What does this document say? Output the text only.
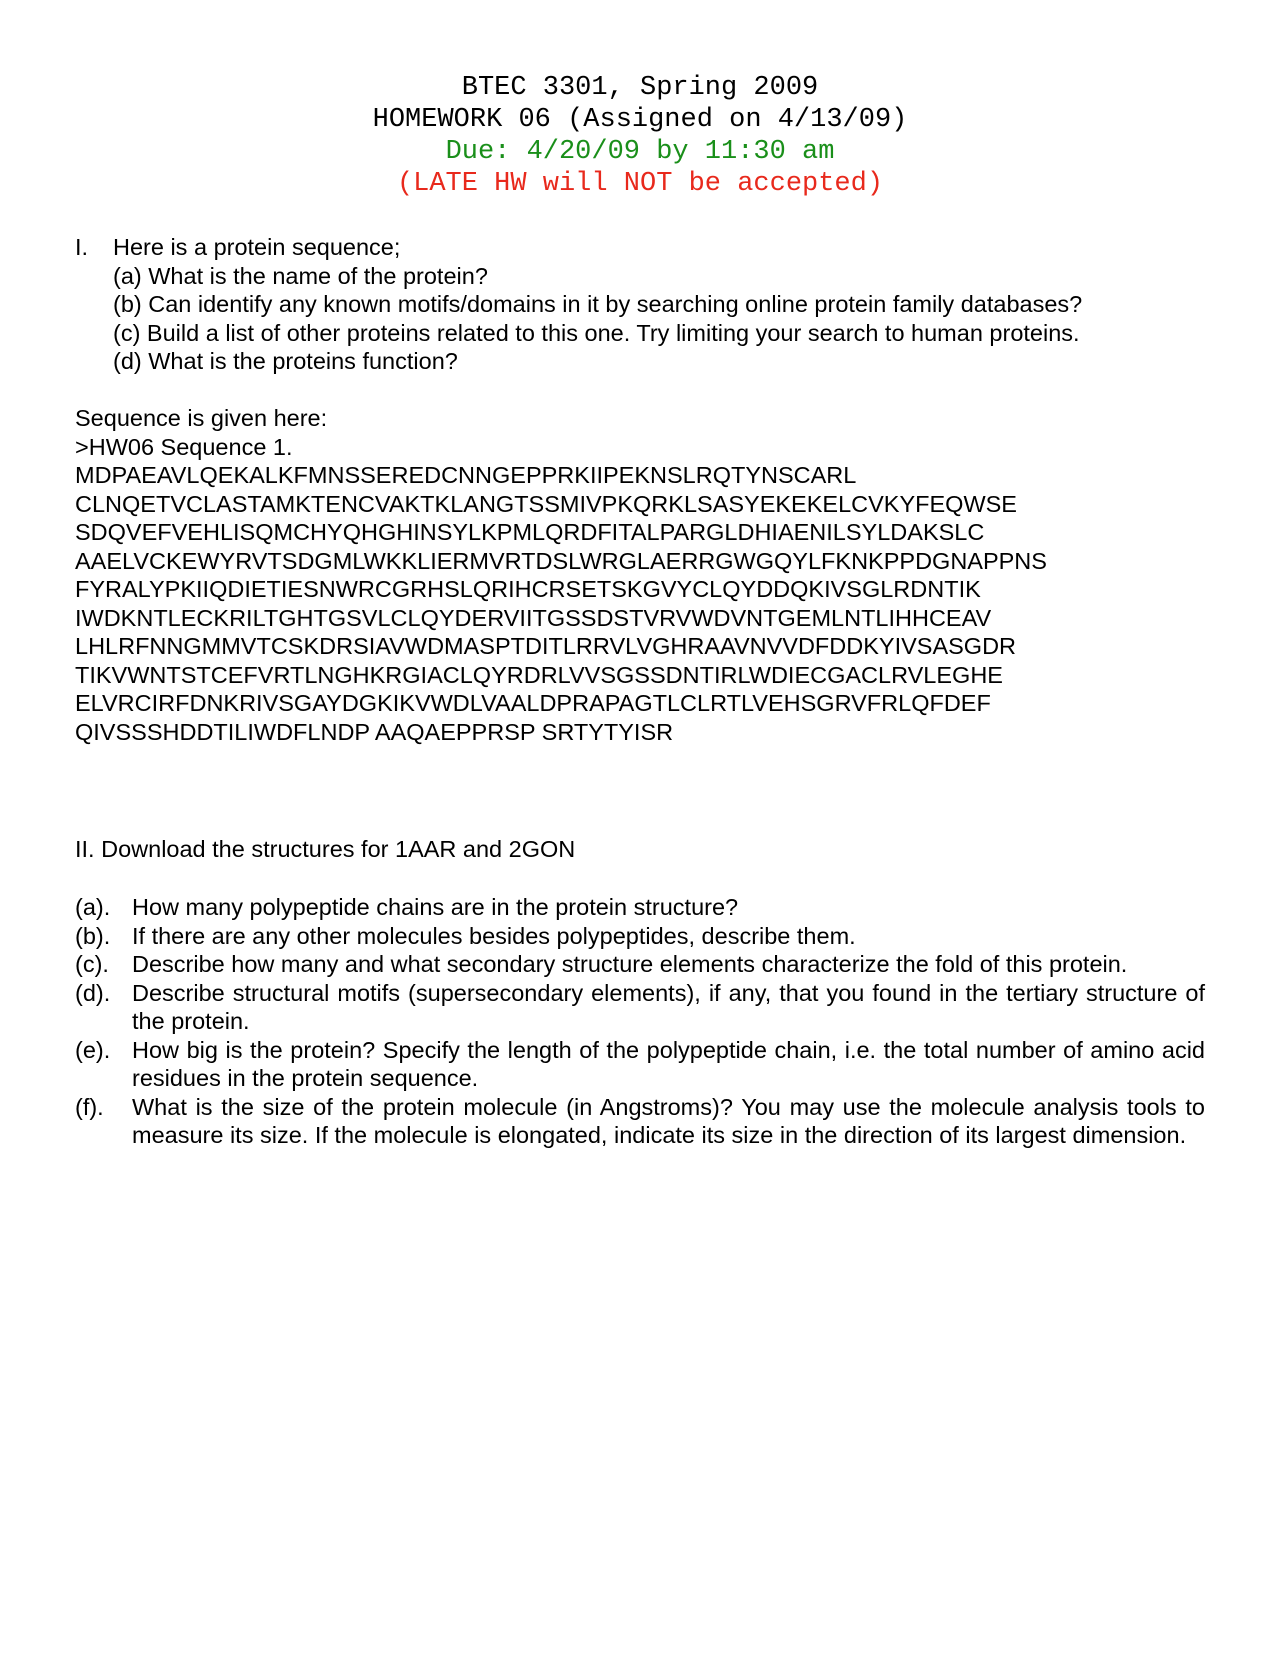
BTEC 3301, Spring 2009
HOMEWORK 06 (Assigned on 4/13/09)
Due: 4/20/09 by 11:30 am
(LATE HW will NOT be accepted)
I.	Here is a protein sequence;
(a) What is the name of the protein?
(b) Can identify any known motifs/domains in it by searching online protein family databases?
(c) Build a list of other proteins related to this one. Try limiting your search to human proteins.
(d) What is the proteins function?
Sequence is given here:
>HW06 Sequence 1.
MDPAEAVLQEKALKFMNSSEREDCNNGEPPRKIIPEKNSLRQTYNSCARL
CLNQETVCLASTAMKTENCVAKTKLANGTSSMIVPKQRKLSASYEKEKELCVKYFEQWSE
SDQVEFVEHLISQMCHYQHGHINSYLKPMLQRDFITALPARGLDHIAENILSYLDAKSLC
AAELVCKEWYRVTSDGMLWKKLIERMVRTDSLWRGLAERRGWGQYLFKNKPPDGNAPPNS
FYRALYPKIIQDIETIESNWRCGRHSLQRIHCRSETSKGVYCLQYDDQKIVSGLRDNTIK
IWDKNTLECKRILTGHTGSVLCLQYDERVIITGSSDSTVRVWDVNTGEMLNTLIHHCEAV
LHLRFNNGMMVTCSKDRSIAVWDMASPTDITLRRVLVGHRAAVNVVDFDDKYIVSASGDR
TIKVWNTSTCEFVRTLNGHKRGIACLQYRDRLVVSGSSDNTIRLWDIECGACLRVLEGHE
ELVRCIRFDNKRIVSGAYDGKIKVWDLVAALDPRAPAGTLCLRTLVEHSGRVFRLQFDEF
QIVSSSHDDTILIWDFLNDP AAQAEPPRSP SRTYTYISR
II. Download the structures for 1AAR and 2GON
(a). How many polypeptide chains are in the protein structure?
(b). If there are any other molecules besides polypeptides, describe them.
(c). Describe how many and what secondary structure elements characterize the fold of this protein.
(d). Describe structural motifs (supersecondary elements), if any, that you found in the tertiary structure of the protein.
(e). How big is the protein? Specify the length of the polypeptide chain, i.e. the total number of amino acid residues in the protein sequence.
(f).	What is the size of the protein molecule (in Angstroms)? You may use the molecule analysis tools to measure its size. If the molecule is elongated, indicate its size in the direction of its largest dimension.
